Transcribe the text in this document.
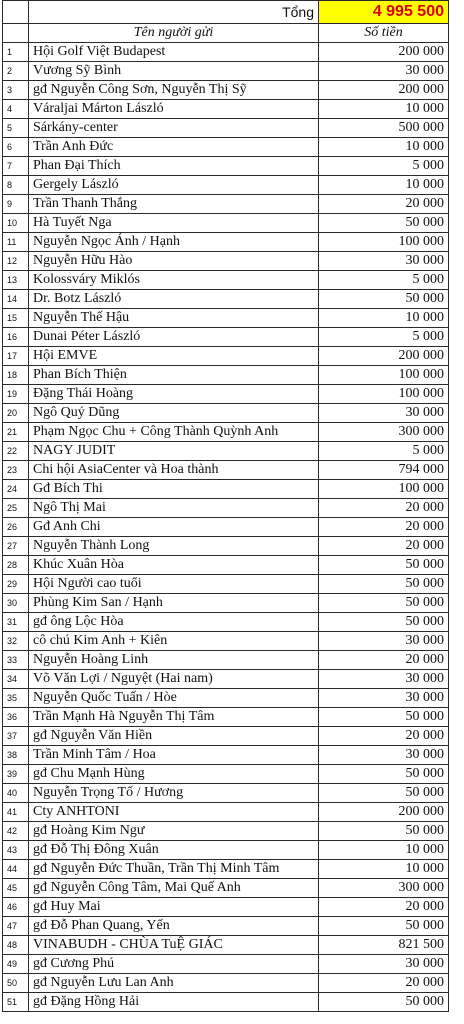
	Tổng	4 995 500
	Tên người gửi	Số tiền
1	Hội Golf Việt Budapest	200 000
2	Vương Sỹ Bình	30 000
3	gđ Nguyễn Công Sơn, Nguyễn Thị Sỹ	200 000
4	Váraljai Márton László	10 000
5	Sárkány-center	500 000
6	Trần Anh Đức	10 000
7	Phan Đại Thích	5 000
8	Gergely László	10 000
9	Trần Thanh Thắng	20 000
10	Hà Tuyết Nga	50 000
11	Nguyễn Ngọc Ánh / Hạnh	100 000
12	Nguyễn Hữu Hào	30 000
13	Kolossváry Miklós	5 000
14	Dr. Botz László	50 000
15	Nguyễn Thế Hậu	10 000
16	Dunai Péter László	5 000
17	Hội EMVE	200 000
18	Phan Bích Thiện	100 000
19	Đặng Thái Hoàng	100 000
20	Ngô Quý Dũng	30 000
21	Phạm Ngọc Chu + Công Thành Quỳnh Anh	300 000
22	NAGY JUDIT	5 000
23	Chi hội AsiaCenter và Hoa thành	794 000
24	Gđ Bích Thi	100 000
25	Ngô Thị Mai	20 000
26	Gđ Anh Chi	20 000
27	Nguyễn Thành Long	20 000
28	Khúc Xuân Hòa	50 000
29	Hội Người cao tuổi	50 000
30	Phùng Kim San / Hạnh	50 000
31	gđ ông Lộc Hòa	50 000
32	cô chú Kim Anh + Kiên	30 000
33	Nguyễn Hoàng Linh	20 000
34	Võ Văn Lợi / Nguyệt (Hai nam)	30 000
35	Nguyễn Quốc Tuấn / Hòe	30 000
36	Trần Mạnh Hà Nguyễn Thị Tâm	50 000
37	gđ Nguyễn Văn Hiền	20 000
38	Trần Minh Tâm / Hoa	30 000
39	gđ Chu Mạnh Hùng	50 000
40	Nguyễn Trọng Tố / Hương	50 000
41	Cty ANHTONI	200 000
42	gđ Hoàng Kim Ngư	50 000
43	gđ Đỗ Thị Đông Xuân	10 000
44	gđ Nguyễn Đức Thuần, Trần Thị Minh Tâm	10 000
45	gđ Nguyễn Công Tâm, Mai Quế Anh	300 000
46	gđ Huy Mai	20 000
47	gđ Đỗ Phan Quang, Yến	50 000
48	VINABUDH - CHÙA TuỆ GIÁC	821 500
49	gđ Cương Phú	30 000
50	gđ Nguyễn Lưu Lan Anh	20 000
51	gđ Đặng Hồng Hải	50 000
